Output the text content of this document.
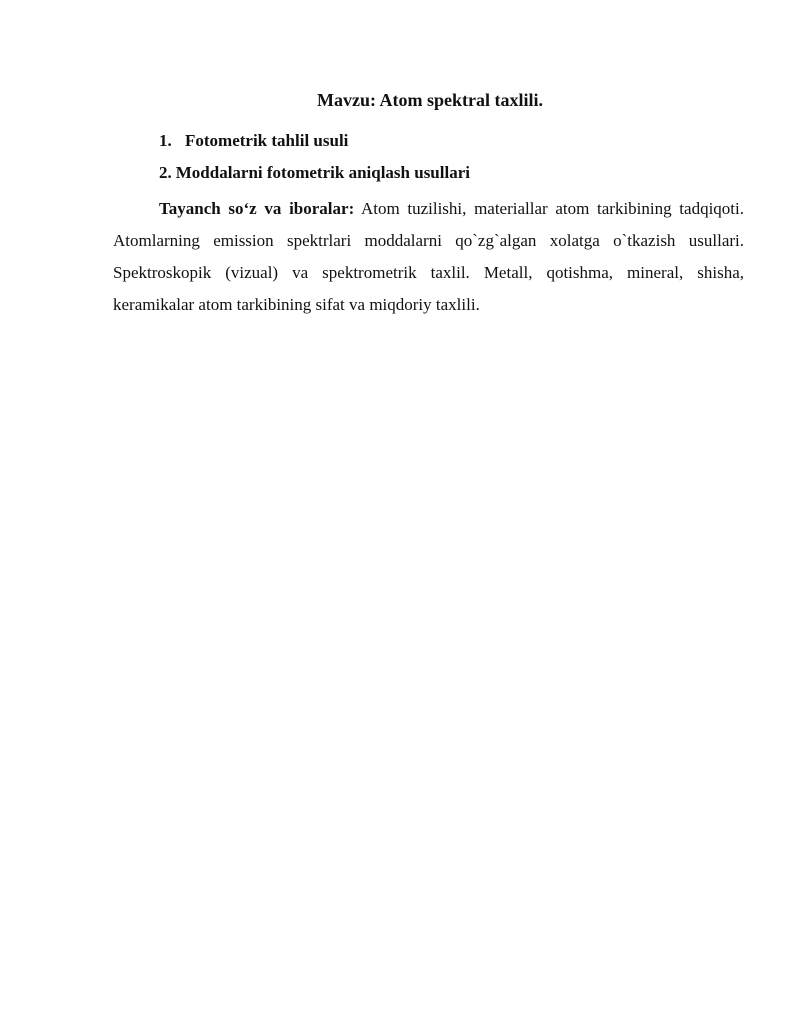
Mavzu: Atom spektral taxlili.
1. Fotometrik tahlil usuli
2. Moddalarni fotometrik aniqlash usullari

Tayanch so‘z va iboralar: Atom tuzilishi, materiallar atom tarkibining tadqiqoti. Atomlarning emission spektrlari moddalarni qo`zg`algan xolatga o`tkazish usullari. Spektroskopik (vizual) va spektrometrik taxlil. Metall, qotishma, mineral, shisha, keramikalar atom tarkibining sifat va miqdoriy taxlili.
